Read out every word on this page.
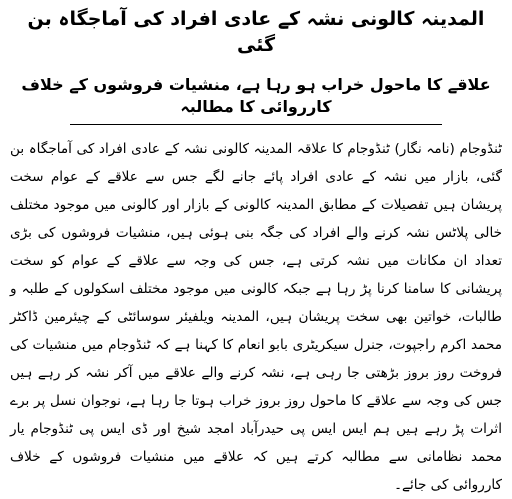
المدینہ کالونی نشہ کے عادی افراد کی آماجگاہ بن گئی
علاقے کا ماحول خراب ہو رہا ہے، منشیات فروشوں کے خلاف کارروائی کا مطالبہ

ٹنڈوجام (نامہ نگار) ٹنڈوجام کا علاقہ المدینہ کالونی نشہ کے عادی افراد کی آماجگاہ بن گئی، بازار میں نشہ کے عادی افراد پائے جانے لگے جس سے علاقے کے عوام سخت پریشان ہیں تفصیلات کے مطابق المدینہ کالونی کے بازار اور کالونی میں موجود مختلف خالی پلاٹس نشہ کرنے والے افراد کی جگہ بنی ہوئی ہیں، منشیات فروشوں کی بڑی تعداد ان مکانات میں نشہ کرتی ہے، جس کی وجہ سے علاقے کے عوام کو سخت پریشانی کا سامنا کرنا پڑ رہا ہے جبکہ کالونی میں موجود مختلف اسکولوں کے طلبہ و طالبات، خواتین بھی سخت پریشان ہیں، المدینہ ویلفیئر سوسائٹی کے چیئرمین ڈاکٹر محمد اکرم راجپوت، جنرل سیکریٹری بابو انعام کا کہنا ہے کہ ٹنڈوجام میں منشیات کی فروخت روز بروز بڑھتی جا رہی ہے، نشہ کرنے والے علاقے میں آکر نشہ کر رہے ہیں جس کی وجہ سے علاقے کا ماحول روز بروز خراب ہوتا جا رہا ہے، نوجوان نسل پر برے اثرات پڑ رہے ہیں ہم ایس ایس پی حیدرآباد امجد شیخ اور ڈی ایس پی ٹنڈوجام یار محمد نظامانی سے مطالبہ کرتے ہیں کہ علاقے میں منشیات فروشوں کے خلاف کارروائی کی جائے۔
